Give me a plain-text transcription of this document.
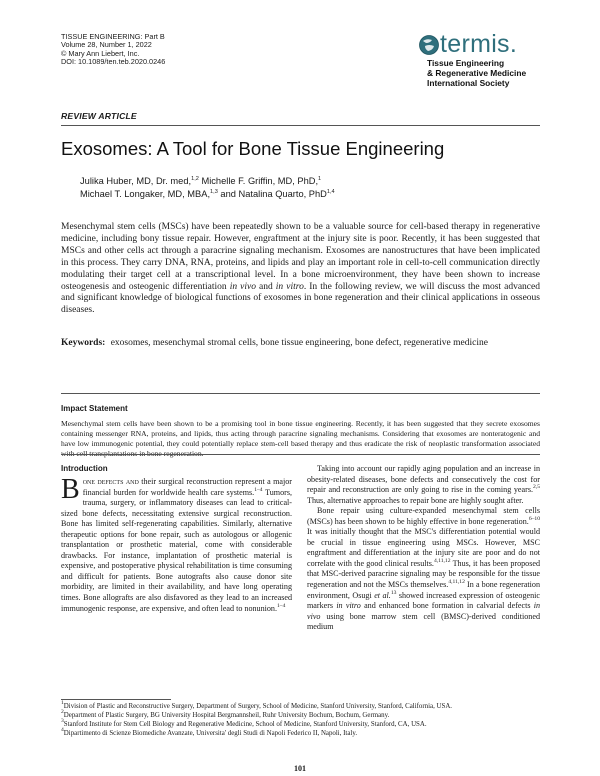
TISSUE ENGINEERING: Part B
Volume 28, Number 1, 2022
© Mary Ann Liebert, Inc.
DOI: 10.1089/ten.teb.2020.0246
termis.
Tissue Engineering
& Regenerative Medicine
International Society
REVIEW ARTICLE
Exosomes: A Tool for Bone Tissue Engineering
Julika Huber, MD, Dr. med,$^{1,2}$ Michelle F. Griffin, MD, PhD,$^1$
Michael T. Longaker, MD, MBA,$^{1,3}$ and Natalina Quarto, PhD$^{1,4}$
Mesenchymal stem cells (MSCs) have been repeatedly shown to be a valuable source for cell-based therapy in regenerative medicine, including bony tissue repair. However, engraftment at the injury site is poor. Recently, it has been suggested that MSCs and other cells act through a paracrine signaling mechanism. Exosomes are nanostructures that have been implicated in this process. They carry DNA, RNA, proteins, and lipids and play an important role in cell-to-cell communication directly modulating their target cell at a transcriptional level. In a bone microenvironment, they have been shown to increase osteogenesis and osteogenic differentiation in vivo and in vitro. In the following review, we will discuss the most advanced and significant knowledge of biological functions of exosomes in bone regeneration and their clinical applications in osseous diseases.
Keywords: exosomes, mesenchymal stromal cells, bone tissue engineering, bone defect, regenerative medicine
Impact Statement
Mesenchymal stem cells have been shown to be a promising tool in bone tissue engineering. Recently, it has been suggested that they secrete exosomes containing messenger RNA, proteins, and lipids, thus acting through paracrine signaling mechanisms. Considering that exosomes are nonteratogenic and have low immunogenic potential, they could potentially replace stem-cell based therapy and thus eradicate the risk of neoplastic transformation associated with cell transplantations in bone regeneration.
Introduction
Bone defects and their surgical reconstruction represent a major financial burden for worldwide health care systems.$^{1-4}$ Tumors, trauma, surgery, or inflammatory diseases can lead to critical-sized bone defects, necessitating extensive surgical reconstruction. Bone has limited self-regenerating capabilities. Similarly, alternative therapeutic options for bone repair, such as autologous or allogenic transplantation or prosthetic material, come with considerable drawbacks. For instance, implantation of prosthetic material is expensive, and postoperative physical rehabilitation is time consuming and difficult for patients. Bone autografts also cause donor site morbidity, are limited in their availability, and have long operating times. Bone allografts are also disfavored as they lead to an increased immunogenic response, are expensive, and often lead to nonunion.$^{1-4}$

Taking into account our rapidly aging population and an increase in obesity-related diseases, bone defects and consecutively the cost for repair and reconstruction are only going to rise in the coming years.$^{2,5}$ Thus, alternative approaches to repair bone are highly sought after.

Bone repair using culture-expanded mesenchymal stem cells (MSCs) has been shown to be highly effective in bone regeneration.$^{6-10}$ It was initially thought that the MSC's differentiation potential would be crucial in tissue engineering using MSCs. However, MSC engraftment and differentiation at the injury site are poor and do not correlate with the good clinical results.$^{4,11,12}$ Thus, it has been proposed that MSC-derived paracrine signaling may be responsible for the tissue regeneration and not the MSCs themselves.$^{4,11,12}$ In a bone regeneration environment, Osugi et al.$^{13}$ showed increased expression of osteogenic markers in vitro and enhanced bone formation in calvarial defects in vivo using bone marrow stem cell (BMSC)-derived conditioned medium

$^1$Division of Plastic and Reconstructive Surgery, Department of Surgery, School of Medicine, Stanford University, Stanford, California, USA.
$^2$Department of Plastic Surgery, BG University Hospital Bergmannsheil, Ruhr University Bochum, Bochum, Germany.
$^3$Stanford Institute for Stem Cell Biology and Regenerative Medicine, School of Medicine, Stanford University, Stanford, CA, USA.
$^4$Dipartimento di Scienze Biomediche Avanzate, Universita' degli Studi di Napoli Federico II, Napoli, Italy.
101
